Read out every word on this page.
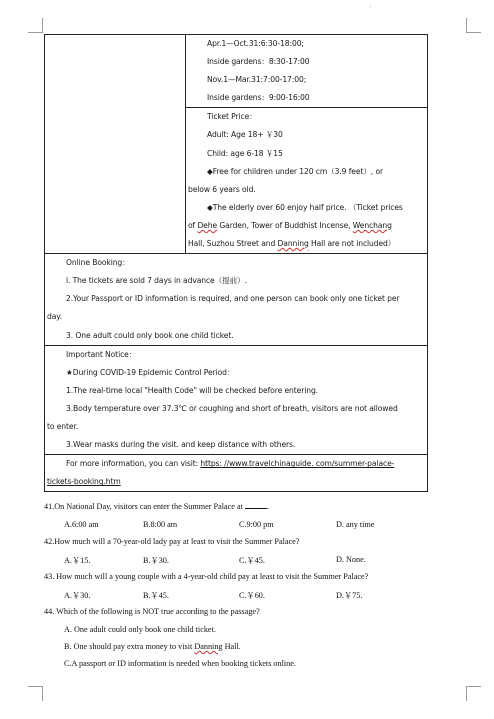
Apr.1—Oct.31:6:30-18:00;
Inside gardens：8:30-17:00
Nov.1—Mar.31:7:00-17:00;
Inside gardens：9:00-16:00

Ticket Price：
Adult: Age 18+ ￥30
Child: age 6-18 ￥15
◆Free for children under 120 cm（3.9 feet）, or
below 6 years old.
◆The elderly over 60 enjoy half price. （Ticket prices
of Dehe Garden, Tower of Buddhist Incense, Wenchang
Hall, Suzhou Street and Danning Hall are not included）

Online Booking：
l. The tickets are sold 7 days in advance（提前）.
2.Your Passport or ID information is required, and one person can book only one ticket per
day.
3. One adult could only book one child ticket.

Important Notice：
★During COVID-19 Epidemic Control Period：
1.The real-time local "Health Code" will be checked before entering.
3.Body temperature over 37.3℃ or coughing and short of breath, visitors are not allowed
to enter.
3.Wear masks during the visit. and keep distance with others.

For more information, you can visit: https: //www.travelchinaguide. com/summer-palace-
tickets-booking.htm
41.On National Day, visitors can enter the Summer Palace at	.
A.6:00 am	B.8:00 am	C.9:00 pm	D. any time
42.How much will a 70-year-old lady pay at least to visit the Summer Palace?
A.￥15.	B.￥30.	C.￥45.	D. None.
43. How much will a young couple with a 4-year-old child pay at least to visit the Summer Palace?
A.￥30.	B.￥45.	C.￥60.	D.￥75.
44. Which of the following is NOT true according to the passage?
A. One adult could only book one child ticket.
B. One should pay extra money to visit Danning Hall.
C.A passport or ID information is needed when booking tickets online.
